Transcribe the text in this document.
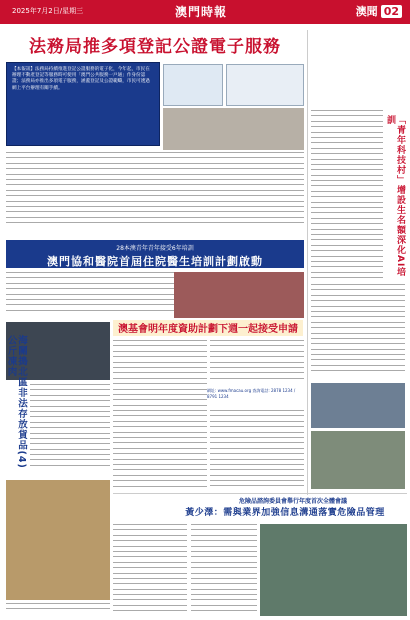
2025年7月2日/星期三	澳門時報	澳聞 02
法務局推多項登記公證電子服務
【本報訊】法務局持續推進登記公證服務的電子化，今年起，市民在辦理不動產登記等服務時可使用「澳門公共服務一戶通」作身份認證；法務局亦推出多項電子服務，涵蓋登記及公證範疇，市民可透過網上平台辦理有關手續。
「青年科技村」增設生名額深化AI培訓
28本澳青年青年接受6年培訓
澳門協和醫院首屆住院醫生培訓計劃啟動
海關搗北區非法存放貨品(4)公斤凍肉
澳基會明年度資助計劃下週一起接受申請
網址: www.fmacau.org 查詢電話: 2878 1234 / 8791 1234
危險品諮詢委員會舉行年度首次全體會議
黃少澤：需與業界加強信息溝通落實危險品管理
